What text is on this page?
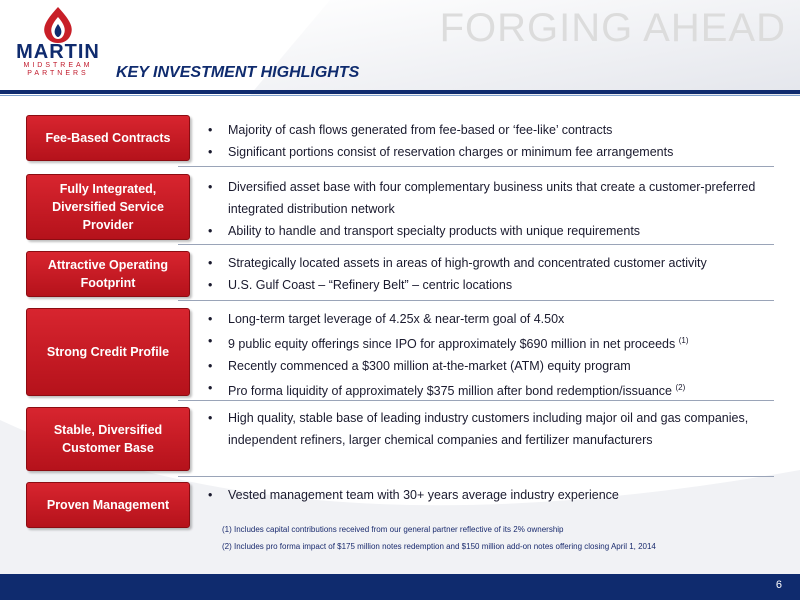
FORGING AHEAD
MARTIN
MIDSTREAM
PARTNERS	KEY INVESTMENT HIGHLIGHTS
Fee-Based Contracts
• Majority of cash flows generated from fee-based or ‘fee-like’ contracts
• Significant portions consist of reservation charges or minimum fee arrangements
Fully Integrated, Diversified Service Provider
• Diversified asset base with four complementary business units that create a customer-preferred integrated distribution network
• Ability to handle and transport specialty products with unique requirements
Attractive Operating Footprint
• Strategically located assets in areas of high-growth and concentrated customer activity
• U.S. Gulf Coast – “Refinery Belt” – centric locations
Strong Credit Profile
• Long-term target leverage of 4.25x & near-term goal of 4.50x
• 9 public equity offerings since IPO for approximately $690 million in net proceeds $^{(1)}$
• Recently commenced a $300 million at-the-market (ATM) equity program
• Pro forma liquidity of approximately $375 million after bond redemption/issuance $^{(2)}$
Stable, Diversified Customer Base
• High quality, stable base of leading industry customers including major oil and gas companies, independent refiners, larger chemical companies and fertilizer manufacturers
Proven Management
• Vested management team with 30+ years average industry experience
(1) Includes capital contributions received from our general partner reflective of its 2% ownership
(2) Includes pro forma impact of $175 million notes redemption and $150 million add-on notes offering closing April 1, 2014
6
